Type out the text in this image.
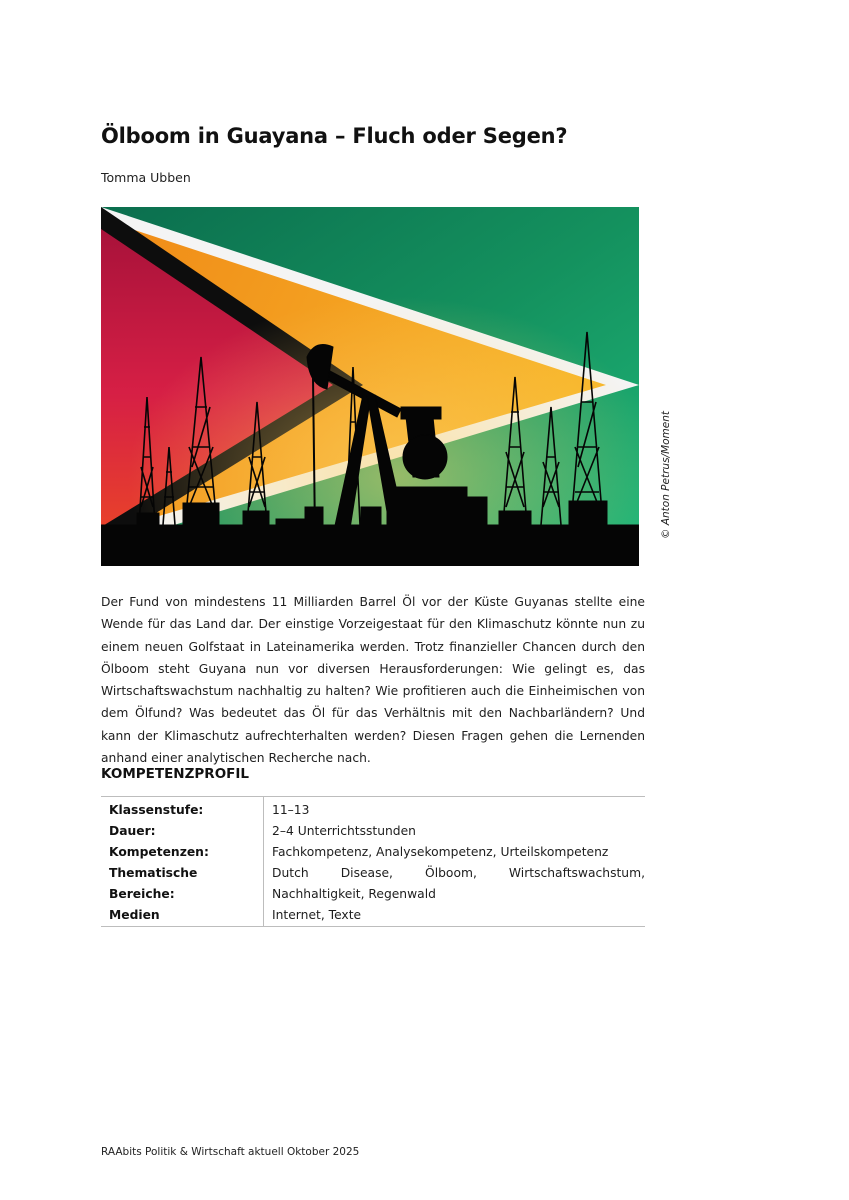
Ölboom in Guayana – Fluch oder Segen?
Tomma Ubben
© Anton Petrus/Moment

Der Fund von mindestens 11 Milliarden Barrel Öl vor der Küste Guyanas stellte eine Wende für das Land dar. Der einstige Vorzeigestaat für den Klimaschutz könnte nun zu einem neuen Golfstaat in Lateinamerika werden. Trotz finanzieller Chancen durch den Ölboom steht Guyana nun vor diversen Herausforderungen: Wie gelingt es, das Wirtschaftswachstum nachhaltig zu halten? Wie profitieren auch die Einheimischen von dem Ölfund? Was bedeutet das Öl für das Verhältnis mit den Nachbarländern? Und kann der Klimaschutz aufrechterhalten werden? Diesen Fragen gehen die Lernenden anhand einer analytischen Recherche nach.

KOMPETENZPROFIL
Klassenstufe:	11–13
Dauer:	2–4 Unterrichtsstunden
Kompetenzen:	Fachkompetenz, Analysekompetenz, Urteilskompetenz
Thematische Bereiche:	Dutch Disease, Ölboom, Wirtschaftswachstum, Nachhaltigkeit, Regenwald
Medien	Internet, Texte
RAAbits Politik & Wirtschaft aktuell Oktober 2025
